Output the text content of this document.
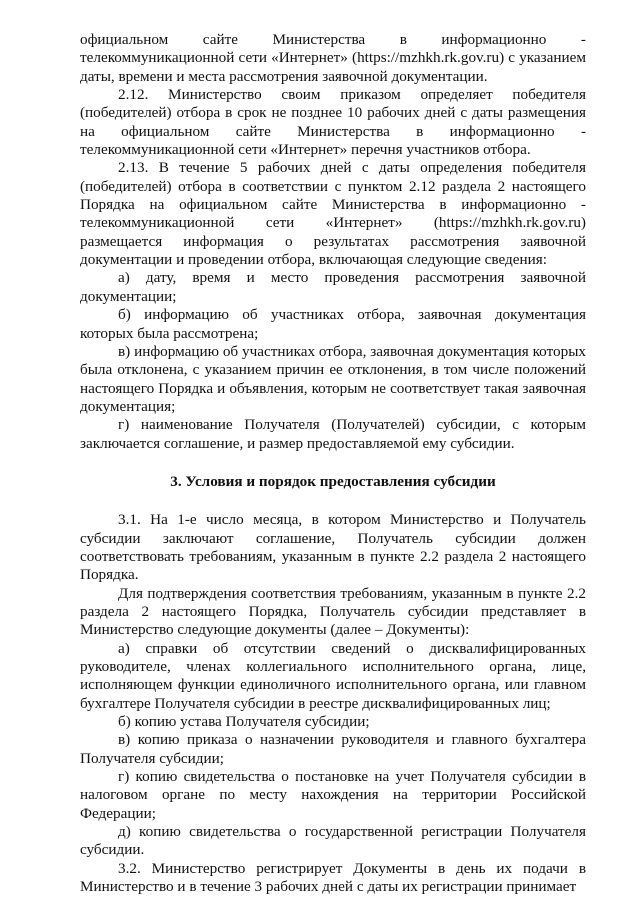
официальном сайте Министерства в информационно - телекоммуникационной сети «Интернет» (https://mzhkh.rk.gov.ru) с указанием даты, времени и места рассмотрения заявочной документации.

2.12. Министерство своим приказом определяет победителя (победителей) отбора в срок не позднее 10 рабочих дней с даты размещения на официальном сайте Министерства в информационно - телекоммуникационной сети «Интернет» перечня участников отбора.

2.13. В течение 5 рабочих дней с даты определения победителя (победителей) отбора в соответствии с пунктом 2.12 раздела 2 настоящего Порядка на официальном сайте Министерства в информационно - телекоммуникационной сети «Интернет» (https://mzhkh.rk.gov.ru) размещается информация о результатах рассмотрения заявочной документации и проведении отбора, включающая следующие сведения:

а) дату, время и место проведения рассмотрения заявочной документации;

б) информацию об участниках отбора, заявочная документация которых была рассмотрена;

в) информацию об участниках отбора, заявочная документация которых была отклонена, с указанием причин ее отклонения, в том числе положений настоящего Порядка и объявления, которым не соответствует такая заявочная документация;

г) наименование Получателя (Получателей) субсидии, с которым заключается соглашение, и размер предоставляемой ему субсидии.

3. Условия и порядок предоставления субсидии

3.1. На 1-е число месяца, в котором Министерство и Получатель субсидии заключают соглашение, Получатель субсидии должен соответствовать требованиям, указанным в пункте 2.2 раздела 2 настоящего Порядка.

Для подтверждения соответствия требованиям, указанным в пункте 2.2 раздела 2 настоящего Порядка, Получатель субсидии представляет в Министерство следующие документы (далее – Документы):

а) справки об отсутствии сведений о дисквалифицированных руководителе, членах коллегиального исполнительного органа, лице, исполняющем функции единоличного исполнительного органа, или главном бухгалтере Получателя субсидии в реестре дисквалифицированных лиц;

б) копию устава Получателя субсидии;

в) копию приказа о назначении руководителя и главного бухгалтера Получателя субсидии;

г) копию свидетельства о постановке на учет Получателя субсидии в налоговом органе по месту нахождения на территории Российской Федерации;

д) копию свидетельства о государственной регистрации Получателя субсидии.

3.2. Министерство регистрирует Документы в день их подачи в Министерство и в течение 3 рабочих дней с даты их регистрации принимает
